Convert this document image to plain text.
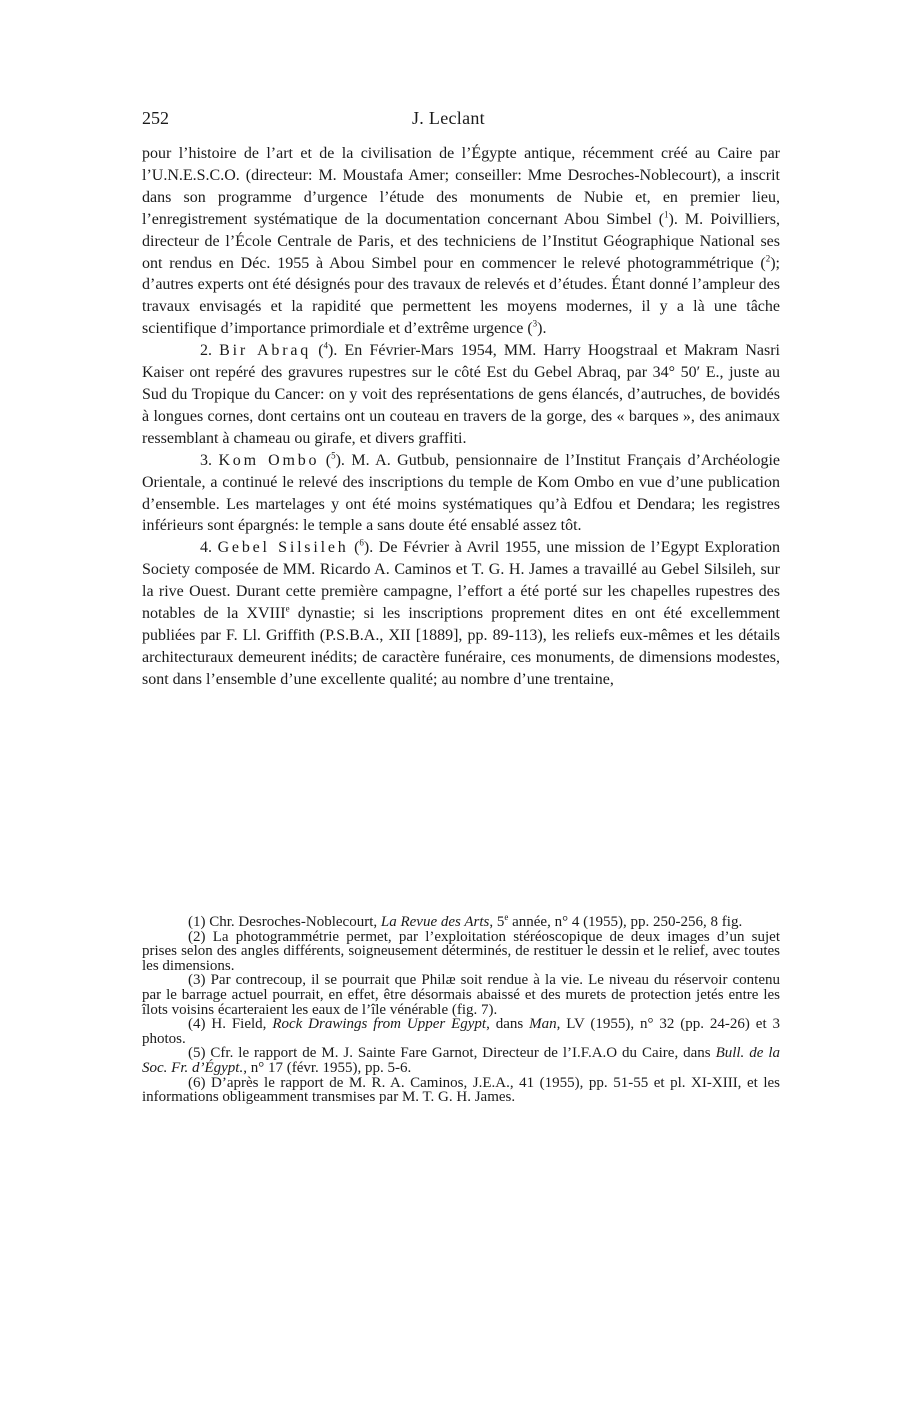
252	J. Leclant

pour l’histoire de l’art et de la civilisation de l’Égypte antique, récemment créé au Caire par l’U.N.E.S.C.O. (directeur: M. Moustafa Amer; conseiller: Mme Desroches-Noblecourt), a inscrit dans son programme d’urgence l’étude des monuments de Nubie et, en premier lieu, l’enregistrement systématique de la documentation concernant Abou Simbel ($^1$). M. Poivilliers, directeur de l’École Centrale de Paris, et des techniciens de l’Institut Géographique National ses ont rendus en Déc. 1955 à Abou Simbel pour en commencer le relevé photogrammétrique ($^2$); d’autres experts ont été désignés pour des travaux de relevés et d’études. Étant donné l’ampleur des travaux envisagés et la rapidité que permettent les moyens modernes, il y a là une tâche scientifique d’importance primordiale et d’extrême urgence ($^3$).

2. Bir Abraq ($^4$). En Février-Mars 1954, MM. Harry Hoogstraal et Makram Nasri Kaiser ont repéré des gravures rupestres sur le côté Est du Gebel Abraq, par 34° 50′ E., juste au Sud du Tropique du Cancer: on y voit des représentations de gens élancés, d’autruches, de bovidés à longues cornes, dont certains ont un couteau en travers de la gorge, des « barques », des animaux ressemblant à chameau ou girafe, et divers graffiti.

3. Kom Ombo ($^5$). M. A. Gutbub, pensionnaire de l’Institut Français d’Archéologie Orientale, a continué le relevé des inscriptions du temple de Kom Ombo en vue d’une publication d’ensemble. Les martelages y ont été moins systématiques qu’à Edfou et Dendara; les registres inférieurs sont épargnés: le temple a sans doute été ensablé assez tôt.

4. Gebel Silsileh ($^6$). De Février à Avril 1955, une mission de l’Egypt Exploration Society composée de MM. Ricardo A. Caminos et T. G. H. James a travaillé au Gebel Silsileh, sur la rive Ouest. Durant cette première campagne, l’effort a été porté sur les chapelles rupestres des notables de la XVIIIe dynastie; si les inscriptions proprement dites en ont été excellemment publiées par F. Ll. Griffith (P.S.B.A., XII [1889], pp. 89-113), les reliefs eux-mêmes et les détails architecturaux demeurent inédits; de caractère funéraire, ces monuments, de dimensions modestes, sont dans l’ensemble d’une excellente qualité; au nombre d’une trentaine,

(1) Chr. Desroches-Noblecourt, La Revue des Arts, 5e année, n° 4 (1955), pp. 250-256, 8 fig.

(2) La photogrammétrie permet, par l’exploitation stéréoscopique de deux images d’un sujet prises selon des angles différents, soigneusement déterminés, de restituer le dessin et le relief, avec toutes les dimensions.

(3) Par contrecoup, il se pourrait que Philæ soit rendue à la vie. Le niveau du réservoir contenu par le barrage actuel pourrait, en effet, être désormais abaissé et des murets de protection jetés entre les îlots voisins écarteraient les eaux de l’île vénérable (fig. 7).

(4) H. Field, Rock Drawings from Upper Egypt, dans Man, LV (1955), n° 32 (pp. 24-26) et 3 photos.

(5) Cfr. le rapport de M. J. Sainte Fare Garnot, Directeur de l’I.F.A.O du Caire, dans Bull. de la Soc. Fr. d’Égypt., n° 17 (févr. 1955), pp. 5-6.

(6) D’après le rapport de M. R. A. Caminos, J.E.A., 41 (1955), pp. 51-55 et pl. XI-XIII, et les informations obligeamment transmises par M. T. G. H. James.
